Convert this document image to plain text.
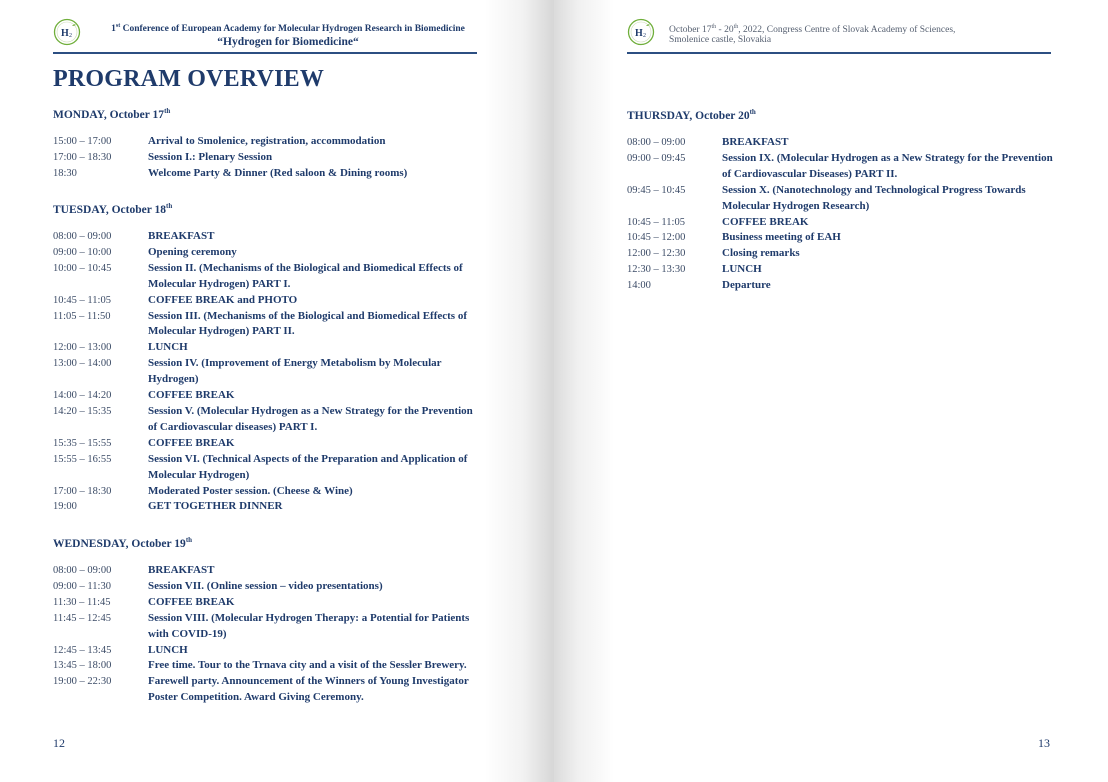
H 2
1st Conference of European Academy for Molecular Hydrogen Research in Biomedicine
“Hydrogen for Biomedicine“
PROGRAM OVERVIEW
MONDAY, October 17th
15:00 – 17:00	Arrival to Smolenice, registration, accommodation
17:00 – 18:30	Session I.: Plenary Session
18:30	Welcome Party & Dinner (Red saloon & Dining rooms)
TUESDAY, October 18th
08:00 – 09:00	BREAKFAST
09:00 – 10:00	Opening ceremony
10:00 – 10:45	Session II. (Mechanisms of the Biological and Biomedical Effects of Molecular Hydrogen) PART I.
10:45 – 11:05	COFFEE BREAK and PHOTO
11:05 – 11:50	Session III. (Mechanisms of the Biological and Biomedical Effects of Molecular Hydrogen) PART II.
12:00 – 13:00	LUNCH
13:00 – 14:00	Session IV. (Improvement of Energy Metabolism by Molecular Hydrogen)
14:00 – 14:20	COFFEE BREAK
14:20 – 15:35	Session V. (Molecular Hydrogen as a New Strategy for the Prevention of Cardiovascular diseases) PART I.
15:35 – 15:55	COFFEE BREAK
15:55 – 16:55	Session VI. (Technical Aspects of the Preparation and Application of Molecular Hydrogen)
17:00 – 18:30	Moderated Poster session. (Cheese & Wine)
19:00	GET TOGETHER DINNER
WEDNESDAY, October 19th
08:00 – 09:00	BREAKFAST
09:00 – 11:30	Session VII. (Online session – video presentations)
11:30 – 11:45	COFFEE BREAK
11:45 – 12:45	Session VIII. (Molecular Hydrogen Therapy: a Potential for Patients with COVID-19)
12:45 – 13:45	LUNCH
13:45 – 18:00	Free time. Tour to the Trnava city and a visit of the Sessler Brewery.
19:00 – 22:30	Farewell party. Announcement of the Winners of Young Investigator Poster Competition. Award Giving Ceremony.
12
H 2
October 17th - 20th, 2022, Congress Centre of Slovak Academy of Sciences,
Smolenice castle, Slovakia
THURSDAY, October 20th
08:00 – 09:00	BREAKFAST
09:00 – 09:45	Session IX. (Molecular Hydrogen as a New Strategy for the Prevention of Cardiovascular Diseases) PART II.
09:45 – 10:45	Session X. (Nanotechnology and Technological Progress Towards Molecular Hydrogen Research)
10:45 – 11:05	COFFEE BREAK
10:45 – 12:00	Business meeting of EAH
12:00 – 12:30	Closing remarks
12:30 – 13:30	LUNCH
14:00	Departure
13
